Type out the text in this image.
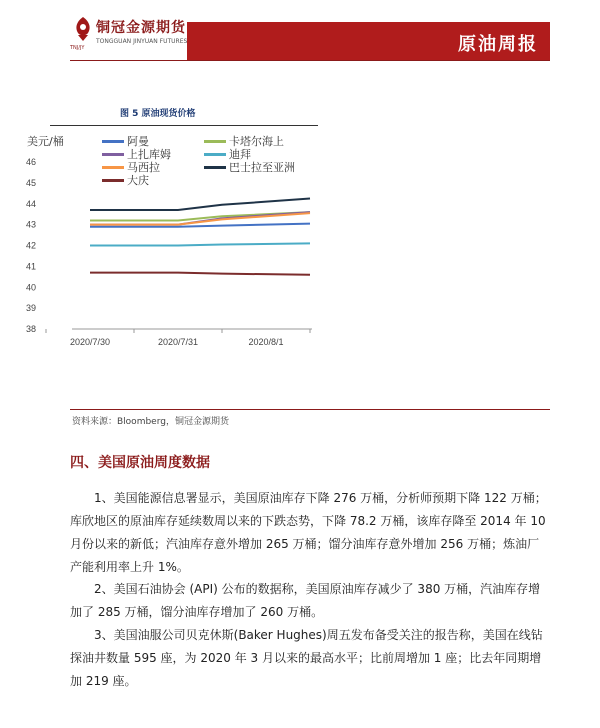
铜冠金源期货
TONGGUAN JINYUAN FUTURES
TNJ/JY	原油周报
图 5 原油现货价格
美元/桶
38
39
40
41
42
43
44
45
46
2020/7/30	2020/7/31	2020/8/1
阿曼	卡塔尔海上
上扎库姆	迪拜
马西拉	巴士拉至亚洲
大庆
资料来源：Bloomberg，铜冠金源期货
四、美国原油周度数据
1、美国能源信息署显示，美国原油库存下降 276 万桶，分析师预期下降 122 万桶；
库欣地区的原油库存延续数周以来的下跌态势，下降 78.2 万桶，该库存降至 2014 年 10
月份以来的新低；汽油库存意外增加 265 万桶；馏分油库存意外增加 256 万桶；炼油厂
产能利用率上升 1%。
2、美国石油协会 (API) 公布的数据称，美国原油库存减少了 380 万桶，汽油库存增
加了 285 万桶，馏分油库存增加了 260 万桶。
3、美国油服公司贝克休斯(Baker Hughes)周五发布备受关注的报告称，美国在线钻
探油井数量 595 座，为 2020 年 3 月以来的最高水平；比前周增加 1 座；比去年同期增
加 219 座。
